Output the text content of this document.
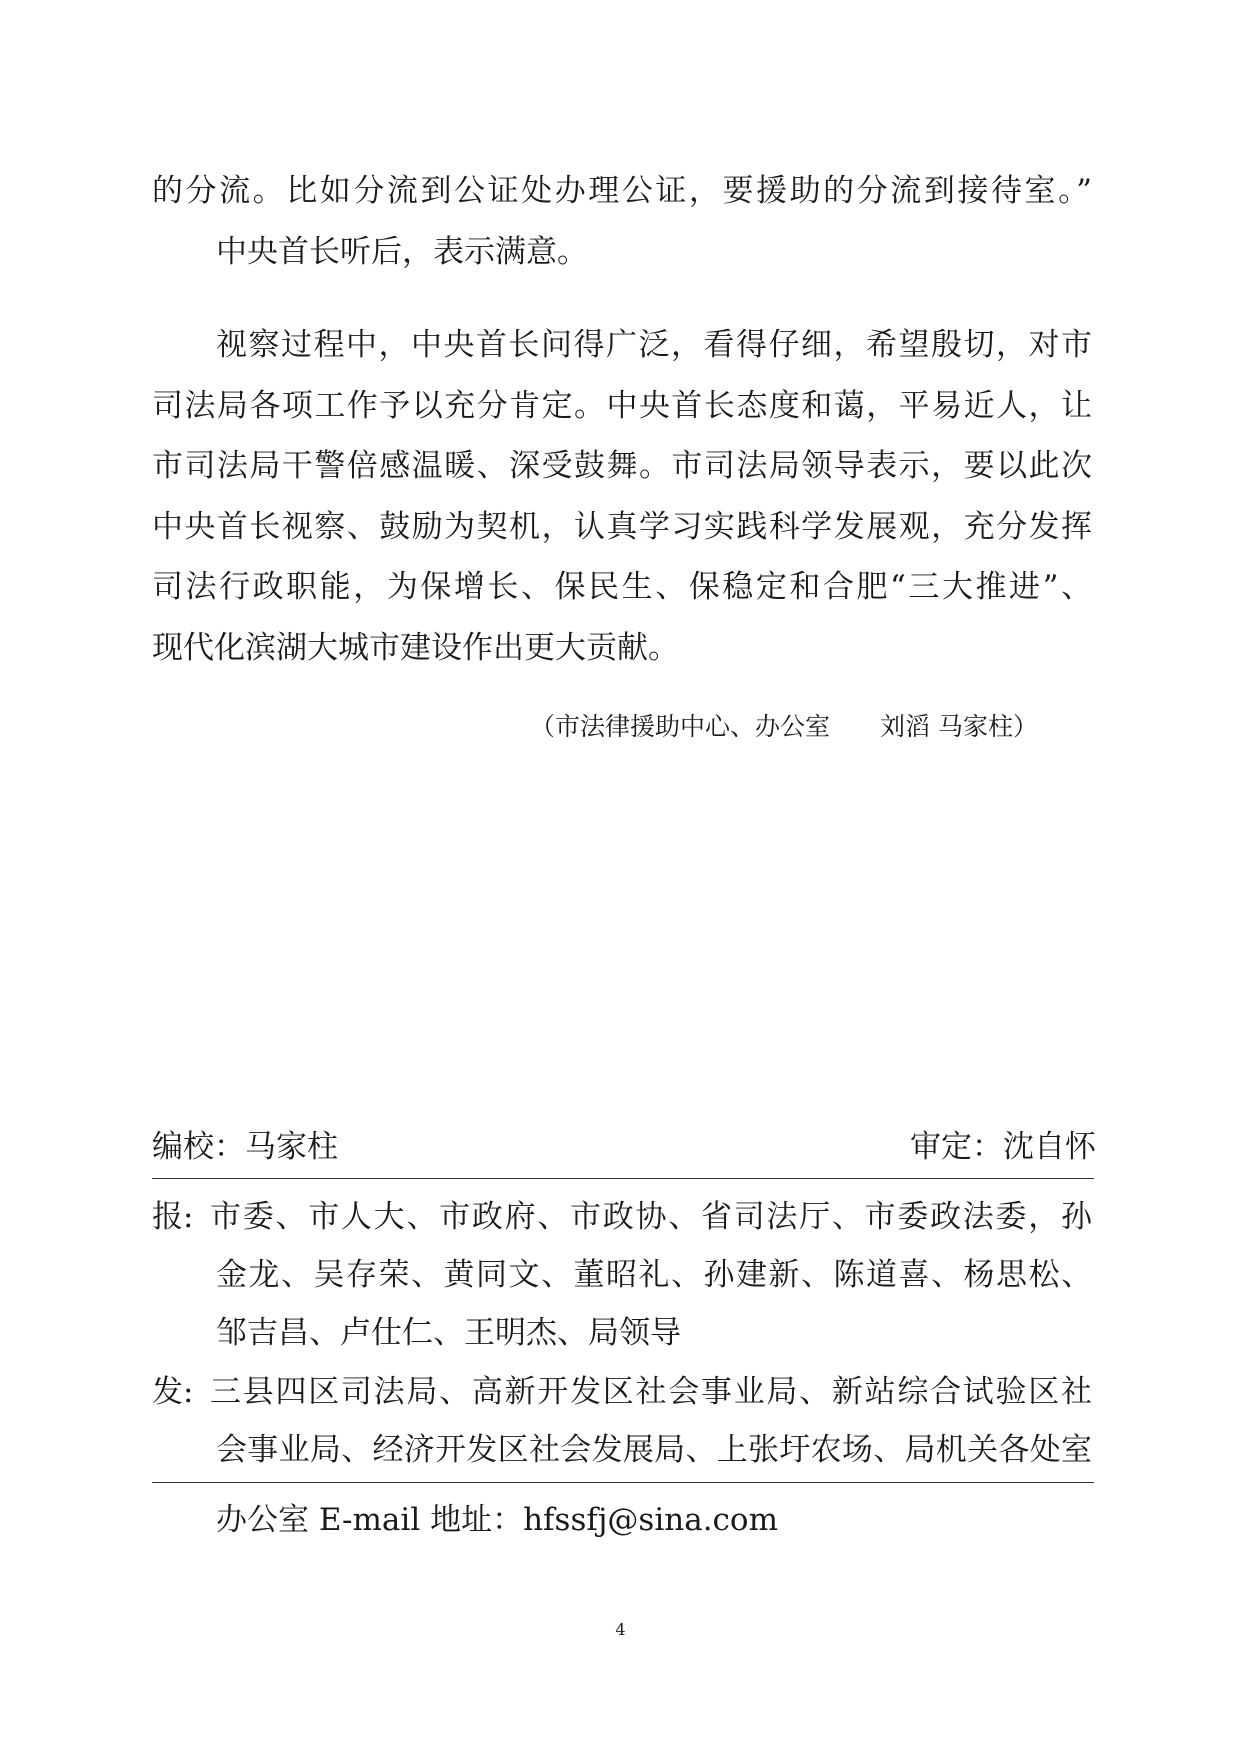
的分流。比如分流到公证处办理公证，要援助的分流到接待室。”
中央首长听后，表示满意。
视察过程中，中央首长问得广泛，看得仔细，希望殷切，对市
司法局各项工作予以充分肯定。中央首长态度和蔼，平易近人，让
市司法局干警倍感温暖、深受鼓舞。市司法局领导表示，要以此次
中央首长视察、鼓励为契机，认真学习实践科学发展观，充分发挥
司法行政职能，为保增长、保民生、保稳定和合肥“三大推进”、
现代化滨湖大城市建设作出更大贡献。
（市法律援助中心、办公室　　刘滔 马家柱）
编校：马家柱	审定：沈自怀
报: 市委、市人大、市政府、市政协、省司法厅、市委政法委，孙
金龙、吴存荣、黄同文、董昭礼、孙建新、陈道喜、杨思松、
邹吉昌、卢仕仁、王明杰、局领导
发: 三县四区司法局、高新开发区社会事业局、新站综合试验区社
会事业局、经济开发区社会发展局、上张圩农场、局机关各处室
办公室 E-mail 地址：hfssfj@sina.com
4
